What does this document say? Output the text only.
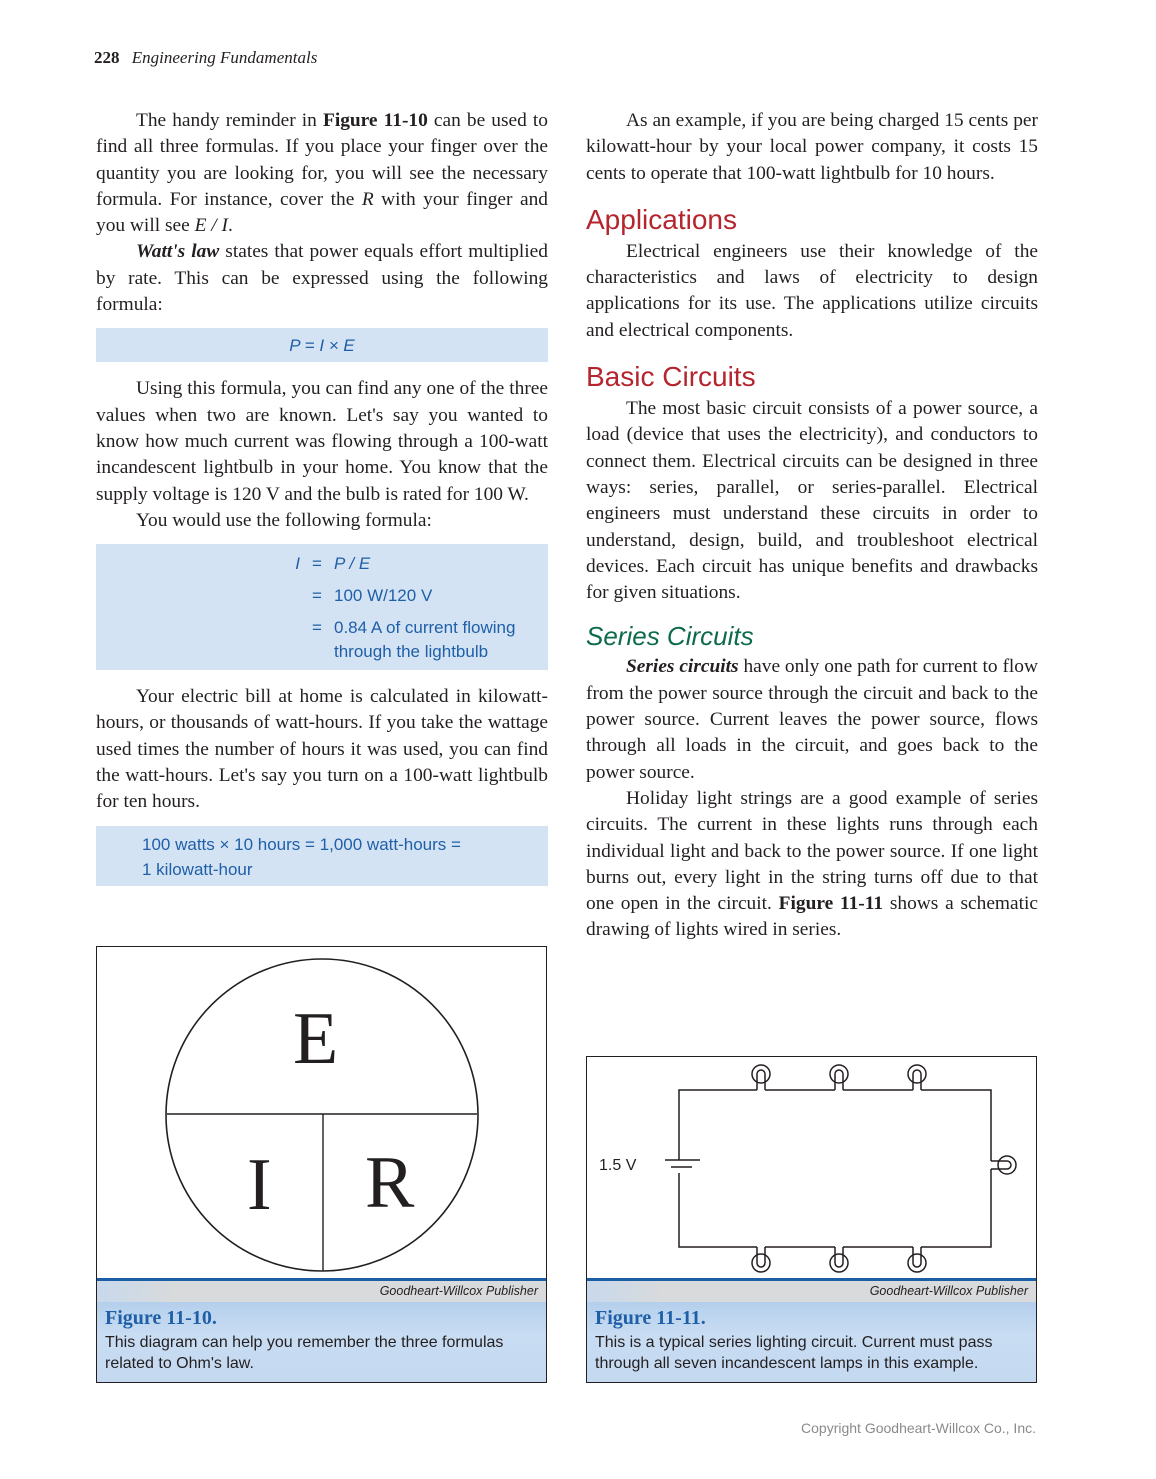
228 Engineering Fundamentals

The handy reminder in Figure 11-10 can be used to find all three formulas. If you place your finger over the quantity you are looking for, you will see the necessary formula. For instance, cover the R with your finger and you will see E / I.

Watt's law states that power equals effort multiplied by rate. This can be expressed using the following formula:

P = I × E

Using this formula, you can find any one of the three values when two are known. Let's say you wanted to know how much current was flowing through a 100-watt incandescent lightbulb in your home. You know that the supply voltage is 120 V and the bulb is rated for 100 W.

You would use the following formula:

I = P / E
= 100 W/120 V
= 0.84 A of current flowing through the lightbulb

Your electric bill at home is calculated in kilowatt-hours, or thousands of watt-hours. If you take the wattage used times the number of hours it was used, you can find the watt-hours. Let's say you turn on a 100-watt lightbulb for ten hours.

100 watts × 10 hours = 1,000 watt-hours =
1 kilowatt-hour

As an example, if you are being charged 15 cents per kilowatt-hour by your local power company, it costs 15 cents to operate that 100-watt lightbulb for 10 hours.

Applications

Electrical engineers use their knowledge of the characteristics and laws of electricity to design applications for its use. The applications utilize circuits and electrical components.

Basic Circuits

The most basic circuit consists of a power source, a load (device that uses the electricity), and conductors to connect them. Electrical circuits can be designed in three ways: series, parallel, or series-parallel. Electrical engineers must understand these circuits in order to understand, design, build, and troubleshoot electrical devices. Each circuit has unique benefits and drawbacks for given situations.

Series Circuits

Series circuits have only one path for current to flow from the power source through the circuit and back to the power source. Current leaves the power source, flows through all loads in the circuit, and goes back to the power source.

Holiday light strings are a good example of series circuits. The current in these lights runs through each individual light and back to the power source. If one light burns out, every light in the string turns off due to that one open in the circuit. Figure 11-11 shows a schematic drawing of lights wired in series.

E
I R
Goodheart-Willcox Publisher
Figure 11-10.
This diagram can help you remember the three formulas related to Ohm's law.
1.5 V
Goodheart-Willcox Publisher
Figure 11-11.
This is a typical series lighting circuit. Current must pass through all seven incandescent lamps in this example.
Copyright Goodheart-Willcox Co., Inc.
